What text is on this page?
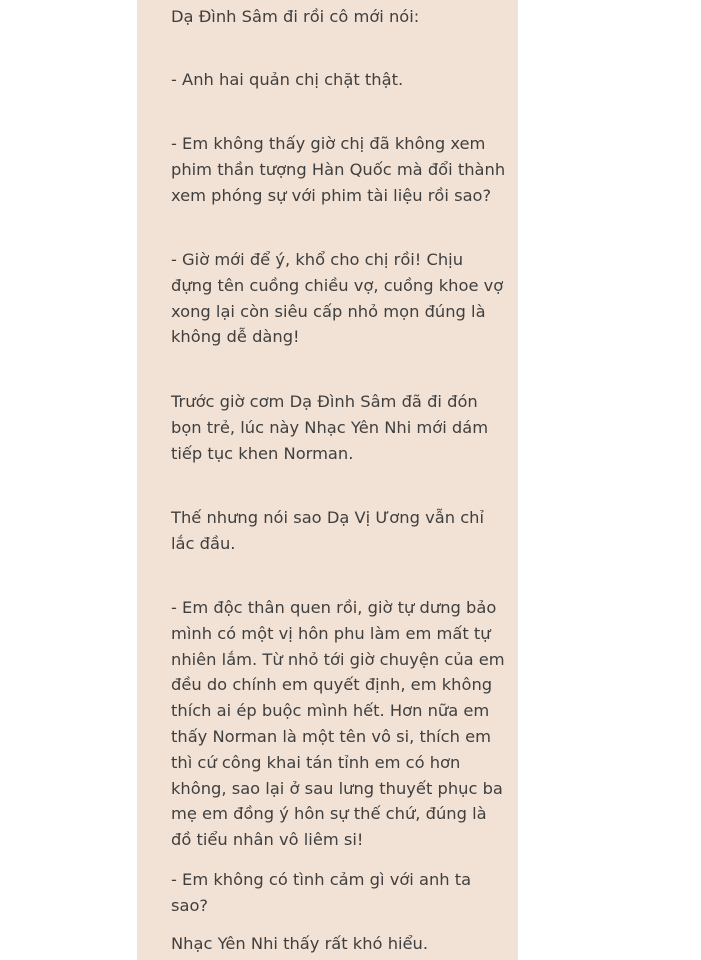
Dạ Đình Sâm đi rồi cô mới nói:

- Anh hai quản chị chặt thật.

- Em không thấy giờ chị đã không xem phim thần tượng Hàn Quốc mà đổi thành xem phóng sự với phim tài liệu rồi sao?

- Giờ mới để ý, khổ cho chị rồi! Chịu đựng tên cuồng chiều vợ, cuồng khoe vợ xong lại còn siêu cấp nhỏ mọn đúng là không dễ dàng!

Trước giờ cơm Dạ Đình Sâm đã đi đón bọn trẻ, lúc này Nhạc Yên Nhi mới dám tiếp tục khen Norman.

Thế nhưng nói sao Dạ Vị Ương vẫn chỉ lắc đầu.

- Em độc thân quen rồi, giờ tự dưng bảo mình có một vị hôn phu làm em mất tự nhiên lắm. Từ nhỏ tới giờ chuyện của em đều do chính em quyết định, em không thích ai ép buộc mình hết. Hơn nữa em thấy Norman là một tên vô si, thích em thì cứ công khai tán tỉnh em có hơn không, sao lại ở sau lưng thuyết phục ba mẹ em đồng ý hôn sự thế chứ, đúng là đồ tiểu nhân vô liêm si!

- Em không có tình cảm gì với anh ta sao?

Nhạc Yên Nhi thấy rất khó hiểu.
